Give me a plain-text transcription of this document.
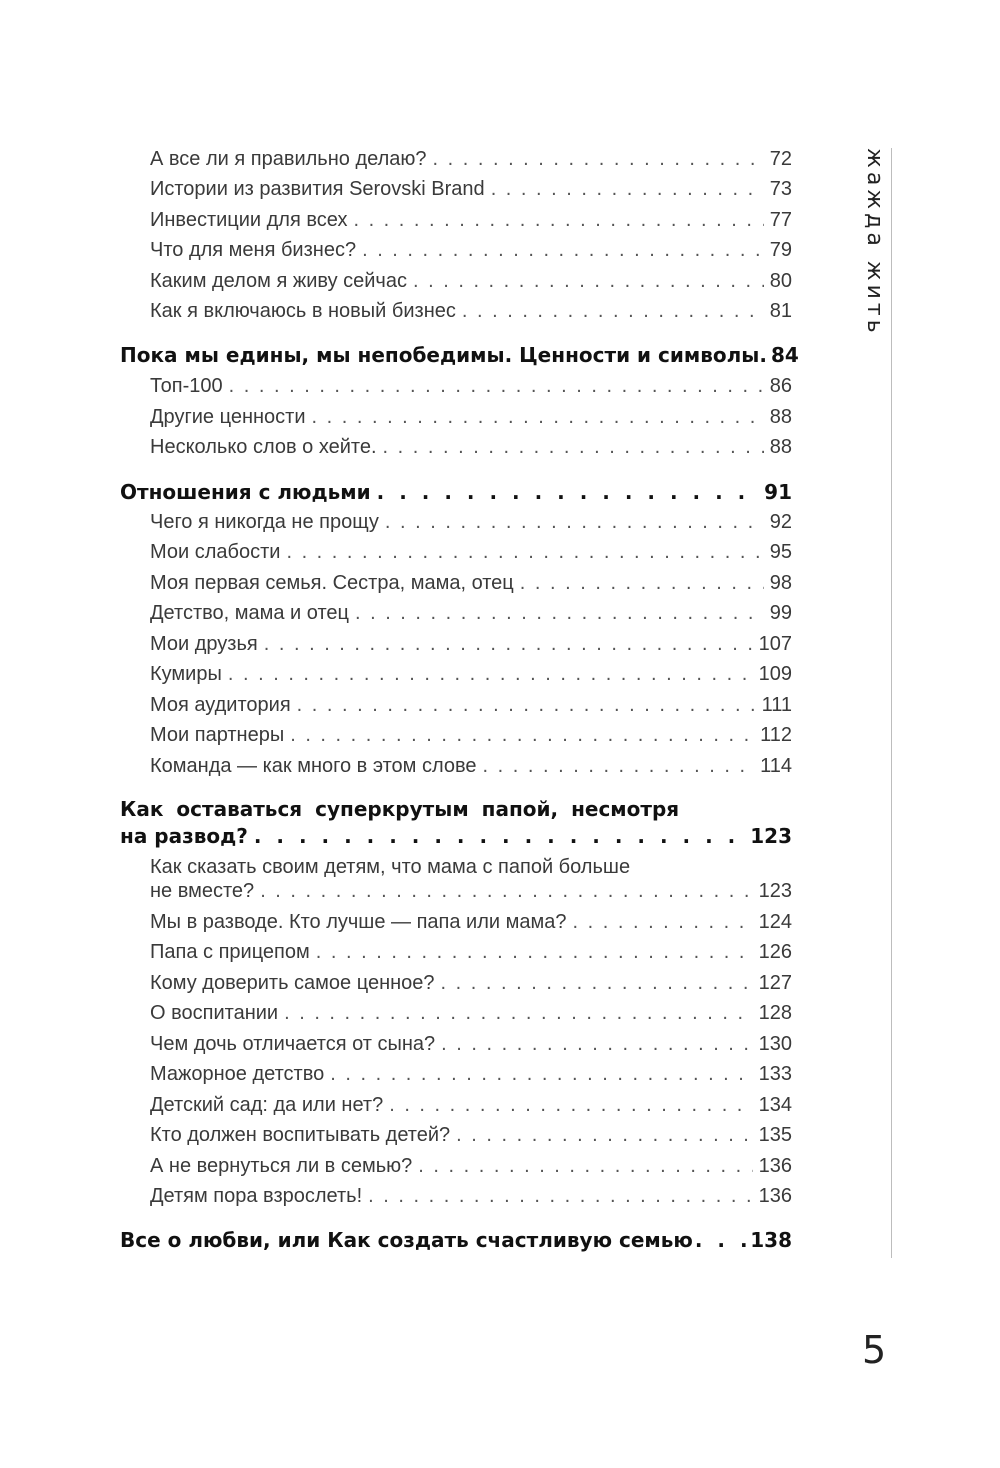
А все ли я правильно делаю? . . .	72
Истории из развития Serovski Brand . . .	73
Инвестиции для всех . . .	77
Что для меня бизнес? . . .	79
Каким делом я живу сейчас . . .	80
Как я включаюсь в новый бизнес . . .	81
Пока мы едины, мы непобедимы. Ценности и символы. 84
Топ-100 . . .	86
Другие ценности . . .	88
Несколько слов о хейте. . . .	88
Отношения с людьми . . .	91
Чего я никогда не прощу . . .	92
Мои слабости . . .	95
Моя первая семья. Сестра, мама, отец . . .	98
Детство, мама и отец . . .	99
Мои друзья . . .	107
Кумиры . . .	109
Моя аудитория . . .	111
Мои партнеры . . .	112
Команда — как много в этом слове . . .	114
Как оставаться суперкрутым папой, несмотря
на развод? . . .	123
Как сказать своим детям, что мама с папой больше
не вместе? . . .	123
Мы в разводе. Кто лучше — папа или мама? . . .	124
Папа с прицепом . . .	126
Кому доверить самое ценное? . . .	127
О воспитании . . .	128
Чем дочь отличается от сына? . . .	130
Мажорное детство . . .	133
Детский сад: да или нет? . . .	134
Кто должен воспитывать детей? . . .	135
А не вернуться ли в семью? . . .	136
Детям пора взрослеть! . . .	136
Все о любви, или Как создать счастливую семью . . .	138
жажда жить
5
